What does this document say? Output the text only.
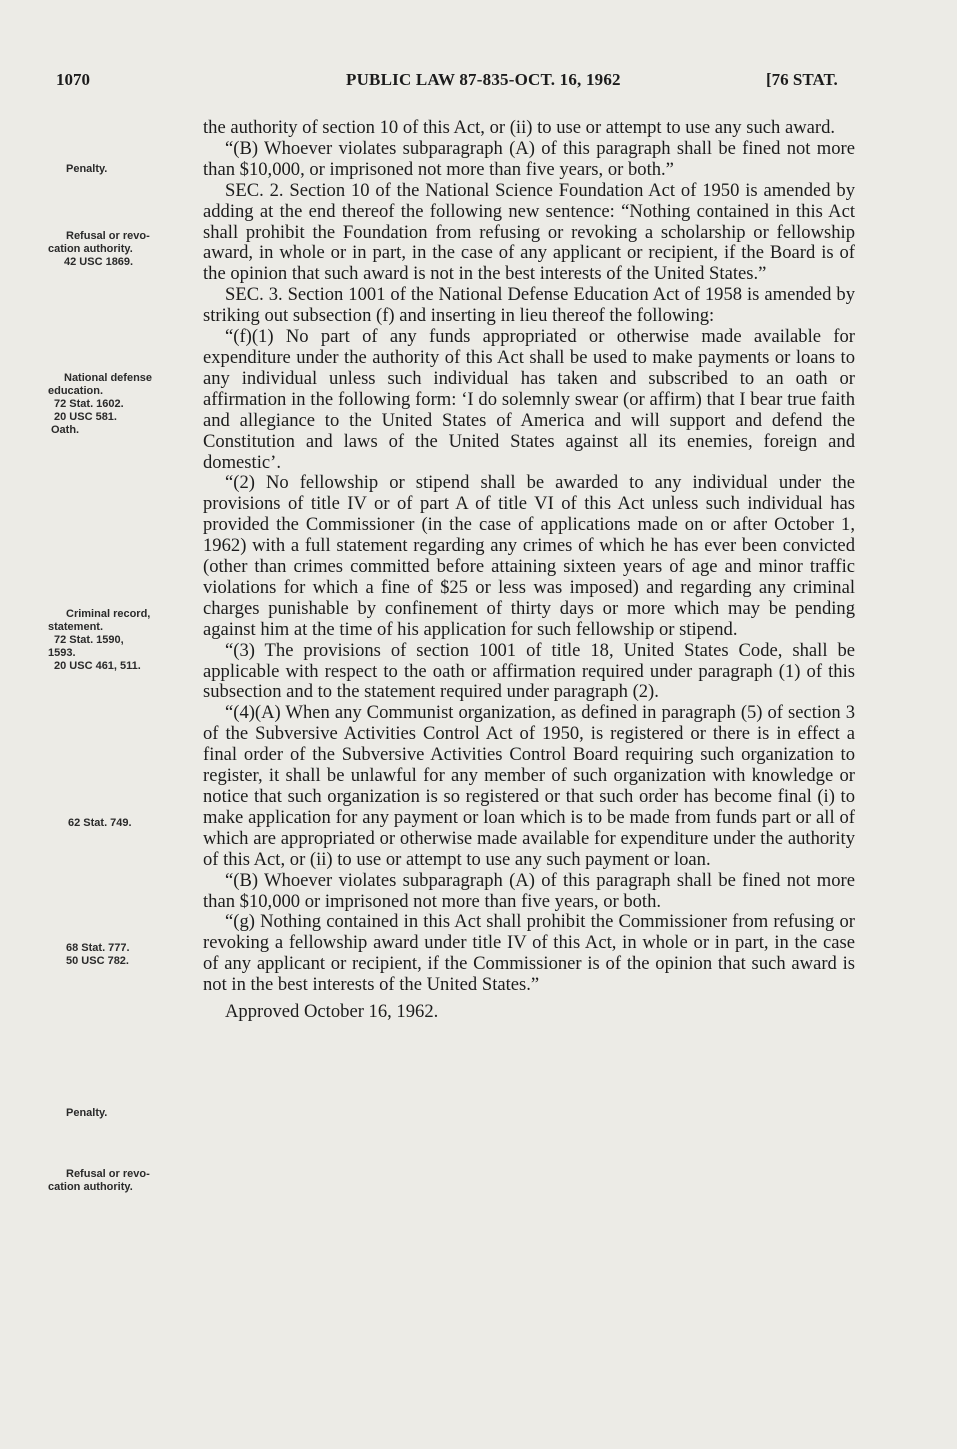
1070	PUBLIC LAW 87-835-OCT. 16, 1962	[76 STAT.
Penalty.
Refusal or revo-
cation authority.
42 USC 1869.
National defense
education.
72 Stat. 1602.
20 USC 581.
Oath.
Criminal record,
statement.
72 Stat. 1590,
1593.
20 USC 461, 511.
62 Stat. 749.
68 Stat. 777.
50 USC 782.
Penalty.
Refusal or revo-
cation authority.

the authority of section 10 of this Act, or (ii) to use or attempt to use any such award.

“(B) Whoever violates subparagraph (A) of this paragraph shall be fined not more than $10,000, or imprisoned not more than five years, or both.”

SEC. 2. Section 10 of the National Science Foundation Act of 1950 is amended by adding at the end thereof the following new sentence: “Nothing contained in this Act shall prohibit the Foundation from refusing or revoking a scholarship or fellowship award, in whole or in part, in the case of any applicant or recipient, if the Board is of the opinion that such award is not in the best interests of the United States.”

SEC. 3. Section 1001 of the National Defense Education Act of 1958 is amended by striking out subsection (f) and inserting in lieu thereof the following:

“(f)(1) No part of any funds appropriated or otherwise made available for expenditure under the authority of this Act shall be used to make payments or loans to any individual unless such individual has taken and subscribed to an oath or affirmation in the following form: ‘I do solemnly swear (or affirm) that I bear true faith and allegiance to the United States of America and will support and defend the Constitution and laws of the United States against all its enemies, foreign and domestic’.

“(2) No fellowship or stipend shall be awarded to any individual under the provisions of title IV or of part A of title VI of this Act unless such individual has provided the Commissioner (in the case of applications made on or after October 1, 1962) with a full statement regarding any crimes of which he has ever been convicted (other than crimes committed before attaining sixteen years of age and minor traffic violations for which a fine of $25 or less was imposed) and regarding any criminal charges punishable by confinement of thirty days or more which may be pending against him at the time of his application for such fellowship or stipend.

“(3) The provisions of section 1001 of title 18, United States Code, shall be applicable with respect to the oath or affirmation required under paragraph (1) of this subsection and to the statement required under paragraph (2).

“(4)(A) When any Communist organization, as defined in paragraph (5) of section 3 of the Subversive Activities Control Act of 1950, is registered or there is in effect a final order of the Subversive Activities Control Board requiring such organization to register, it shall be unlawful for any member of such organization with knowledge or notice that such organization is so registered or that such order has become final (i) to make application for any payment or loan which is to be made from funds part or all of which are appropriated or otherwise made available for expenditure under the authority of this Act, or (ii) to use or attempt to use any such payment or loan.

“(B) Whoever violates subparagraph (A) of this paragraph shall be fined not more than $10,000 or imprisoned not more than five years, or both.

“(g) Nothing contained in this Act shall prohibit the Commissioner from refusing or revoking a fellowship award under title IV of this Act, in whole or in part, in the case of any applicant or recipient, if the Commissioner is of the opinion that such award is not in the best interests of the United States.”

Approved October 16, 1962.
